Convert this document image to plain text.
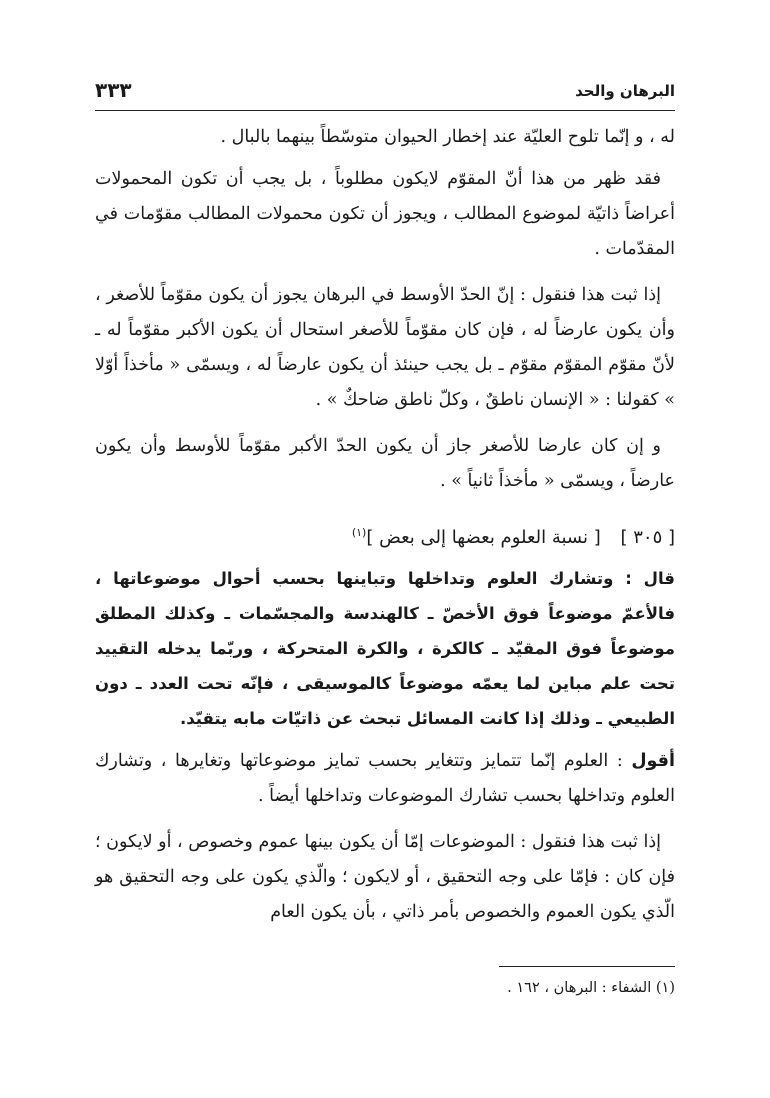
البرهان والحد
٣٣٣

له ، و إنّما تلوح العليّة عند إخطار الحيوان متوسّطاً بينهما بالبال .

فقد ظهر من هذا أنّ المقوّم لايكون مطلوباً ، بل يجب أن تكون المحمولات أعراضاً ذاتيّة لموضوع المطالب ، ويجوز أن تكون محمولات المطالب مقوّمات في المقدّمات .

إذا ثبت هذا فنقول : إنّ الحدّ الأوسط في البرهان يجوز أن يكون مقوّماً للأصغر ، وأن يكون عارضاً له ، فإن كان مقوّماً للأصغر استحال أن يكون الأكبر مقوّماً له ـ لأنّ مقوّم المقوّم مقوّم ـ بل يجب حينئذ أن يكون عارضاً له ، ويسمّى « مأخذاً أوّلا » كقولنا : « الإنسان ناطقٌ ، وكلّ ناطق ضاحكٌ » .

و إن كان عارضا للأصغر جاز أن يكون الحدّ الأكبر مقوّماً للأوسط وأن يكون عارضاً ، ويسمّى « مأخذاً ثانياً » .

[ ٣٠٥ ] [ نسبة العلوم بعضها إلى بعض ]$^{(١)}$

قال : وتشارك العلوم وتداخلها وتباينها بحسب أحوال موضوعاتها ، فالأعمّ موضوعاً فوق الأخصّ ـ كالهندسة والمجسّمات ـ وكذلك المطلق موضوعاً فوق المقيّد ـ كالكرة ، والكرة المتحركة ، وربّما يدخله التقييد تحت علم مباين لما يعمّه موضوعاً كالموسيقى ، فإنّه تحت العدد ـ دون الطبيعي ـ وذلك إذا كانت المسائل تبحث عن ذاتيّات مابه يتقيّد.

أقول : العلوم إنّما تتمايز وتتغاير بحسب تمايز موضوعاتها وتغايرها ، وتشارك العلوم وتداخلها بحسب تشارك الموضوعات وتداخلها أيضاً .

إذا ثبت هذا فنقول : الموضوعات إمّا أن يكون بينها عموم وخصوص ، أو لايكون ؛ فإن كان : فإمّا على وجه التحقيق ، أو لايكون ؛ والّذي يكون على وجه التحقيق هو الّذي يكون العموم والخصوص بأمر ذاتي ، بأن يكون العام

(١) الشفاء : البرهان ، ١٦٢ .
